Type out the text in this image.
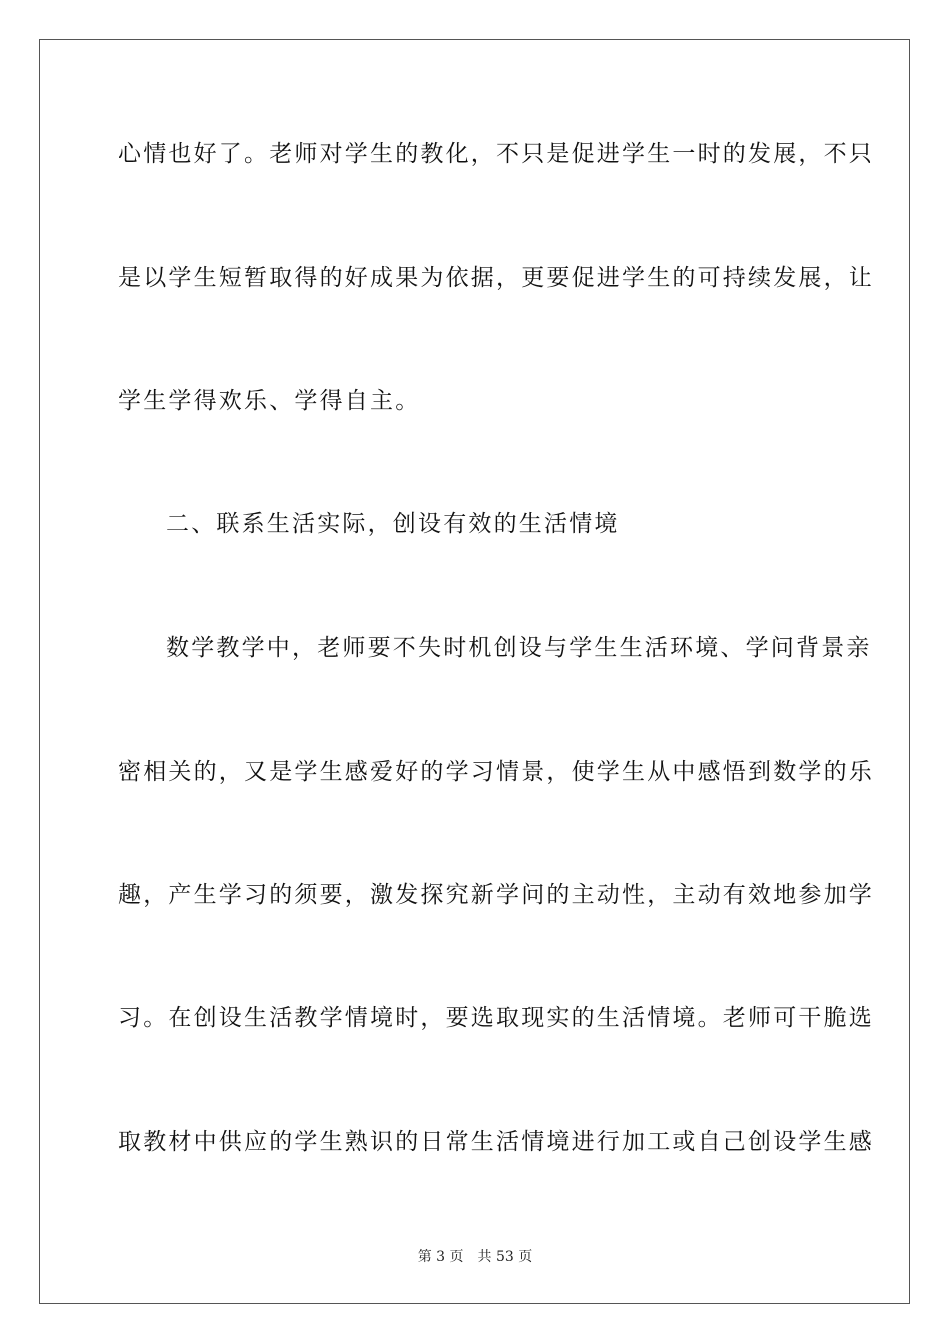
心情也好了。老师对学生的教化，不只是促进学生一时的发展，不只

是以学生短暂取得的好成果为依据，更要促进学生的可持续发展，让

学生学得欢乐、学得自主。

二、联系生活实际，创设有效的生活情境

数学教学中，老师要不失时机创设与学生生活环境、学问背景亲

密相关的，又是学生感爱好的学习情景，使学生从中感悟到数学的乐

趣，产生学习的须要，激发探究新学问的主动性，主动有效地参加学

习。在创设生活教学情境时，要选取现实的生活情境。老师可干脆选

取教材中供应的学生熟识的日常生活情境进行加工或自己创设学生感

第 3 页 共 53 页
